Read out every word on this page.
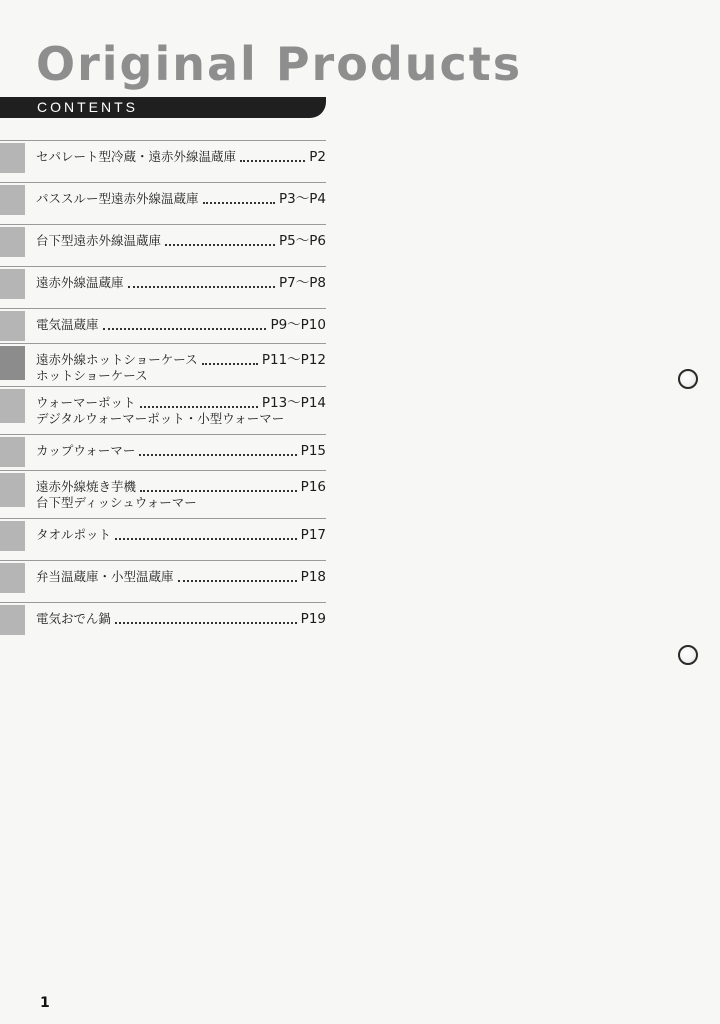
Original Products
CONTENTS
セパレート型冷蔵・遠赤外線温蔵庫	P2
パススルー型遠赤外線温蔵庫	P3〜P4
台下型遠赤外線温蔵庫	P5〜P6
遠赤外線温蔵庫	P7〜P8
電気温蔵庫	P9〜P10
遠赤外線ホットショーケース	P11〜P12
ホットショーケース
ウォーマーポット	P13〜P14
デジタルウォーマーポット・小型ウォーマー
カップウォーマー	P15
遠赤外線焼き芋機	P16
台下型ディッシュウォーマー
タオルポット	P17
弁当温蔵庫・小型温蔵庫	P18
電気おでん鍋	P19
1
